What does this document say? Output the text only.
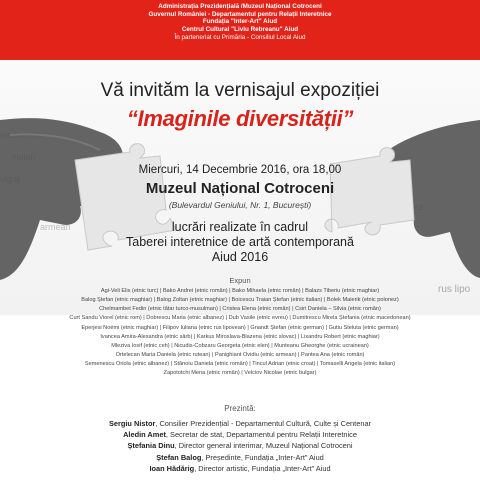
Administrația Prezidențială /Muzeul Național Cotroceni
Guvernul României - Departamentul pentru Relații Interetnice
Fundația "Inter-Art" Aiud
Centrul Cultural "Liviu Rebreanu" Aiud
În parteneriat cu Primăria - Consiliul Local Aiud
armean
rus lipo
Vă invităm la vernisajul expoziției
“Imaginile diversității”
Miercuri, 14 Decembrie 2016, ora 18,00
Muzeul Național Cotroceni
(Bulevardul Geniului, Nr. 1, București)
lucrări realizate în cadrul
Taberei interetnice de artă contemporană
Aiud 2016
Expun
Agi-Veli Elis (etnic turc) | Bako Andrei (etnic român) | Bako Mihaela (etnic român) | Balazs Tiberiu (etnic maghiar)
Balog Ștefan (etnic maghiar) | Balog Zoltan (etnic maghiar) | Boicescu Traian Ștefan (etnic italian) | Bolek Maierik (etnic polonez)
Chelmambet Fedin (etnic tătar turco-musulman) | Cristea Elena (etnic român) | Csiri Daniela – Silvia (etnic român)
Curt Sandu Viorel (etnic rom) | Dobrescu Maria (etnic albanez) | Dub Vasile (etnic evreu) | Dumitrescu Mirela Ștefania (etnic macedonean)
Eperjesi Noémi (etnic maghiar) | Filipov Iuliana (etnic rus lipovean) | Gnandt Ștefan (etnic german) | Gutiu Steluta (etnic german)
Ivancea Amira-Alexandra (etnic sârb) | Karkus Miroslava-Blazena (etnic slovac) | Lixandru Robert (etnic maghiar)
Mlezivа Iosif (etnic ceh) | Nicudis-Cobzaru Georgeta (etnic elen) | Munteanu Gheorghe (etnic ucrainean)
Ortelecan Maria Daniela (etnic rutean) | Panighiant Ovidiu (etnic armean) | Pantea Ana (etnic român)
Semenescu Oriola (etnic albanez) | Stănoiu Daniela (etnic român) | Tincul Adrian (etnic croat) | Tomaselli Angela (etnic italian)
Zapototchi Mena (etnic român) | Velciov Nicolae (etnic bulgar)
Prezintă:
Sergiu Nistor, Consilier Prezidențial - Departamentul Cultură, Culte și Centenar
Aledin Amet, Secretar de stat, Departamentul pentru Relații Interetnice
Ștefania Dinu, Director general interimar, Muzeul Național Cotroceni
Ștefan Balog, Președinte, Fundația „Inter-Art” Aiud
Ioan Hădărig, Director artistic, Fundația „Inter-Art” Aiud
